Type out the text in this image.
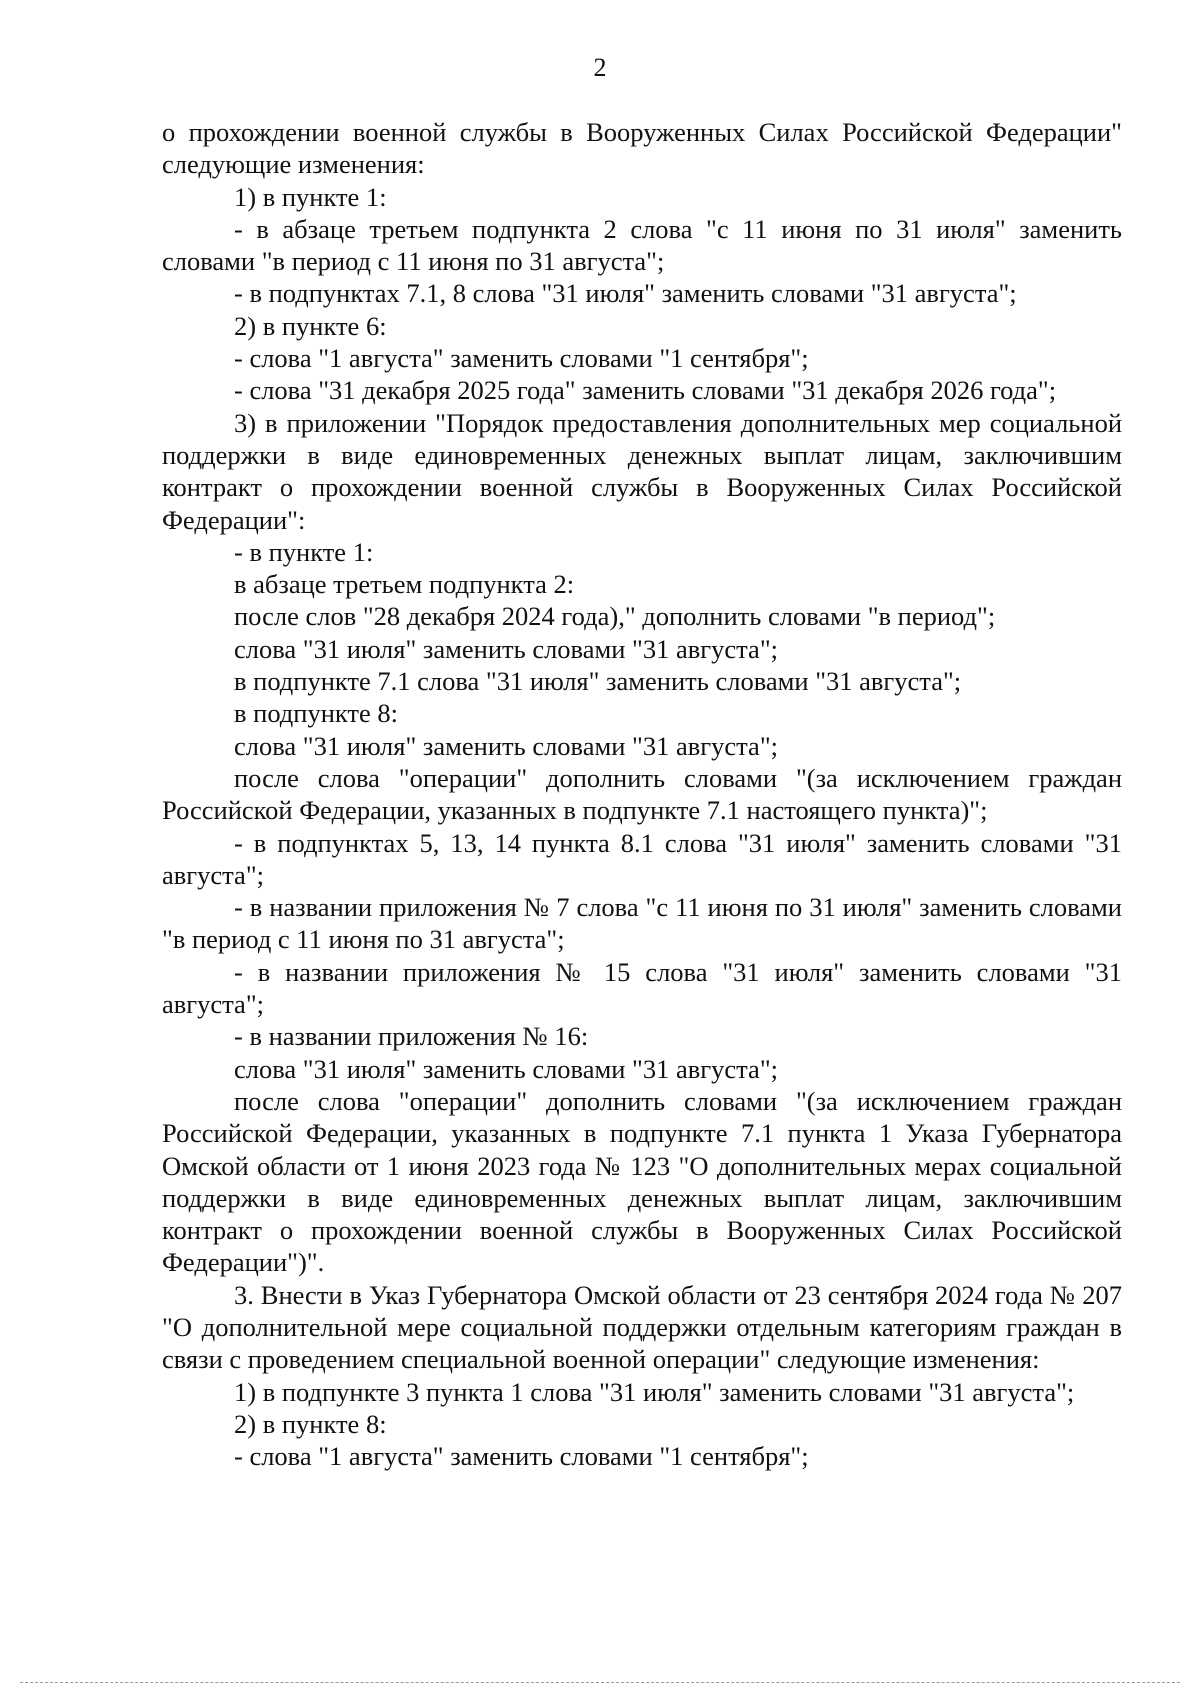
2

о прохождении военной службы в Вооруженных Силах Российской Федерации" следующие изменения:

1) в пункте 1:

- в абзаце третьем подпункта 2 слова "с 11 июня по 31 июля" заменить словами "в период с 11 июня по 31 августа";

- в подпунктах 7.1, 8 слова "31 июля" заменить словами "31 августа";

2) в пункте 6:

- слова "1 августа" заменить словами "1 сентября";

- слова "31 декабря 2025 года" заменить словами "31 декабря 2026 года";

3) в приложении "Порядок предоставления дополнительных мер социальной поддержки в виде единовременных денежных выплат лицам, заключившим контракт о прохождении военной службы в Вооруженных Силах Российской Федерации":

- в пункте 1:

в абзаце третьем подпункта 2:

после слов "28 декабря 2024 года)," дополнить словами "в период";

слова "31 июля" заменить словами "31 августа";

в подпункте 7.1 слова "31 июля" заменить словами "31 августа";

в подпункте 8:

слова "31 июля" заменить словами "31 августа";

после слова "операции" дополнить словами "(за исключением граждан Российской Федерации, указанных в подпункте 7.1 настоящего пункта)";

- в подпунктах 5, 13, 14 пункта 8.1 слова "31 июля" заменить словами "31 августа";

- в названии приложения № 7 слова "с 11 июня по 31 июля" заменить словами "в период с 11 июня по 31 августа";

- в названии приложения № 15 слова "31 июля" заменить словами "31 августа";

- в названии приложения № 16:

слова "31 июля" заменить словами "31 августа";

после слова "операции" дополнить словами "(за исключением граждан Российской Федерации, указанных в подпункте 7.1 пункта 1 Указа Губернатора Омской области от 1 июня 2023 года № 123 "О дополнительных мерах социальной поддержки в виде единовременных денежных выплат лицам, заключившим контракт о прохождении военной службы в Вооруженных Силах Российской Федерации")".

3. Внести в Указ Губернатора Омской области от 23 сентября 2024 года № 207 "О дополнительной мере социальной поддержки отдельным категориям граждан в связи с проведением специальной военной операции" следующие изменения:

1) в подпункте 3 пункта 1 слова "31 июля" заменить словами "31 августа";

2) в пункте 8:

- слова "1 августа" заменить словами "1 сентября";
